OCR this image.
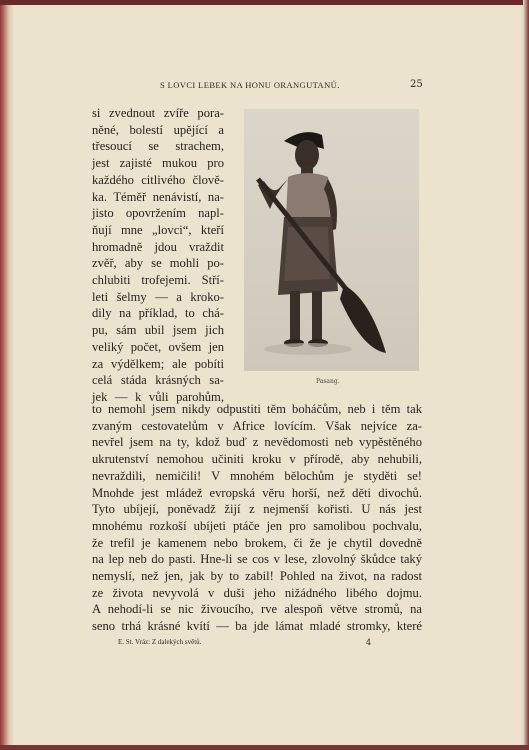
S LOVCI LEBEK NA HONU ORANGUTANŮ.	25
si zvednout zvíře pora-
něné, bolestí upějící a
třesoucí se strachem,
jest zajisté mukou pro
každého citlivého člově-
ka. Téměř nenávistí, na-
jisto opovržením napl-
ňují mne „lovci“, kteří
hromadně jdou vraždit
zvěř, aby se mohli po-
chlubiti trofejemi. Stří-
leti šelmy — a kroko-
dily na příklad, to chá-
pu, sám ubil jsem jich
veliký počet, ovšem jen
za výdělkem; ale pobíti
celá stáda krásných sa-
jek — k vůli parohům,
Pasang.
to nemohl jsem nikdy odpustiti těm boháčům, neb i těm tak
zvaným cestovatelům v Africe lovícím. Však nejvíce za-
nevřel jsem na ty, kdož buď z nevědomosti neb vypěstěného
ukrutenství nemohou učiniti kroku v přírodě, aby nehubili,
nevraždili, nemičili! V mnohém bělochům je styděti se!
Mnohde jest mládež evropská věru horší, než děti divochů.
Tyto ubíjejí, poněvadž žijí z nejmenší kořisti. U nás jest
mnohému rozkoší ubíjeti ptáče jen pro samolibou pochvalu,
že trefil je kamenem nebo brokem, či že je chytil dovedně
na lep neb do pasti. Hne-li se cos v lese, zlovolný škůdce taký
nemyslí, než jen, jak by to zabil! Pohled na život, na radost
ze života nevyvolá v duši jeho nižádného libého dojmu.
A nehodí-li se nic živoucího, rve alespoň větve stromů, na
seno trhá krásné kvítí — ba jde lámat mladé stromky, které
E. St. Vráz: Z dalekých světů.	4
